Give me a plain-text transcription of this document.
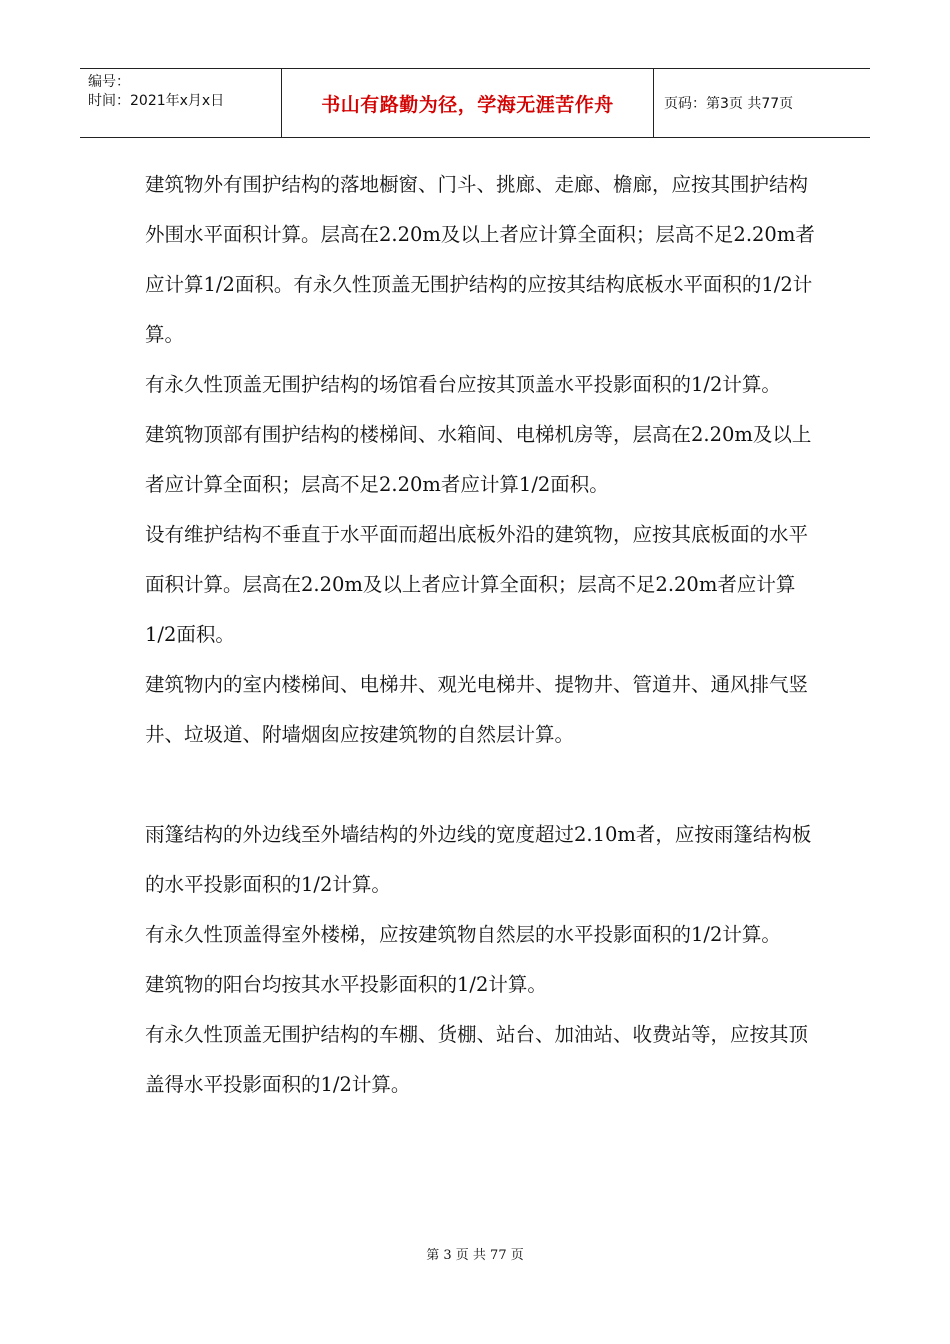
编号：
时间：2021年x月x日	书山有路勤为径，学海无涯苦作舟	页码：第3页 共77页

建筑物外有围护结构的落地橱窗、门斗、挑廊、走廊、檐廊，应按其围护结构外围水平面积计算。层高在2.20m及以上者应计算全面积；层高不足2.20m者应计算1/2面积。有永久性顶盖无围护结构的应按其结构底板水平面积的1/2计算。

有永久性顶盖无围护结构的场馆看台应按其顶盖水平投影面积的1/2计算。

建筑物顶部有围护结构的楼梯间、水箱间、电梯机房等，层高在2.20m及以上者应计算全面积；层高不足2.20m者应计算1/2面积。

设有维护结构不垂直于水平面而超出底板外沿的建筑物，应按其底板面的水平面积计算。层高在2.20m及以上者应计算全面积；层高不足2.20m者应计算1/2面积。

建筑物内的室内楼梯间、电梯井、观光电梯井、提物井、管道井、通风排气竖井、垃圾道、附墙烟囱应按建筑物的自然层计算。

雨篷结构的外边线至外墙结构的外边线的宽度超过2.10m者，应按雨篷结构板的水平投影面积的1/2计算。

有永久性顶盖得室外楼梯，应按建筑物自然层的水平投影面积的1/2计算。

建筑物的阳台均按其水平投影面积的1/2计算。

有永久性顶盖无围护结构的车棚、货棚、站台、加油站、收费站等，应按其顶盖得水平投影面积的1/2计算。

第 3 页 共 77 页
